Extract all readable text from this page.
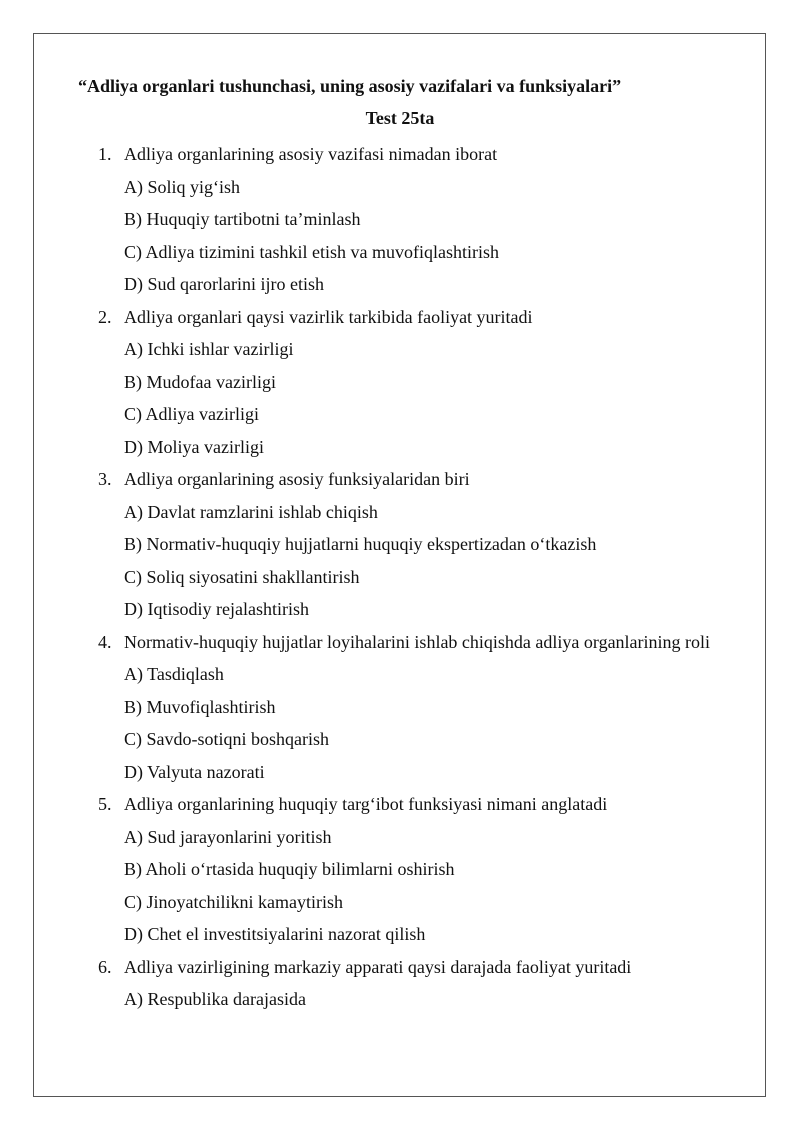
“Adliya organlari tushunchasi, uning asosiy vazifalari va funksiyalari”
Test 25ta
1. Adliya organlarining asosiy vazifasi nimadan iborat
A) Soliq yig‘ish
B) Huquqiy tartibotni ta’minlash
C) Adliya tizimini tashkil etish va muvofiqlashtirish
D) Sud qarorlarini ijro etish
2. Adliya organlari qaysi vazirlik tarkibida faoliyat yuritadi
A) Ichki ishlar vazirligi
B) Mudofaa vazirligi
C) Adliya vazirligi
D) Moliya vazirligi
3. Adliya organlarining asosiy funksiyalaridan biri
A) Davlat ramzlarini ishlab chiqish
B) Normativ-huquqiy hujjatlarni huquqiy ekspertizadan o‘tkazish
C) Soliq siyosatini shakllantirish
D) Iqtisodiy rejalashtirish
4. Normativ-huquqiy hujjatlar loyihalarini ishlab chiqishda adliya organlarining roli
A) Tasdiqlash
B) Muvofiqlashtirish
C) Savdo-sotiqni boshqarish
D) Valyuta nazorati
5. Adliya organlarining huquqiy targ‘ibot funksiyasi nimani anglatadi
A) Sud jarayonlarini yoritish
B) Aholi o‘rtasida huquqiy bilimlarni oshirish
C) Jinoyatchilikni kamaytirish
D) Chet el investitsiyalarini nazorat qilish
6. Adliya vazirligining markaziy apparati qaysi darajada faoliyat yuritadi
A) Respublika darajasida
